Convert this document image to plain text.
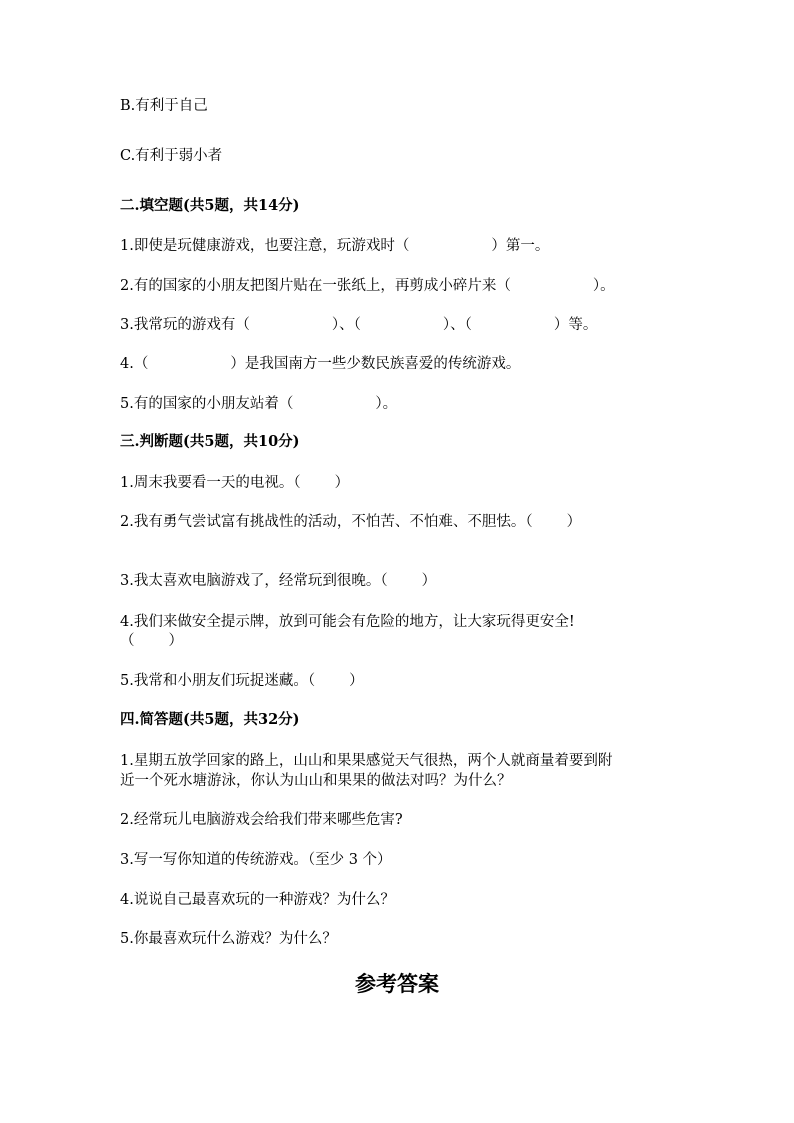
B.有利于自己
C.有利于弱小者
二.填空题(共5题，共14分)
1.即使是玩健康游戏，也要注意，玩游戏时（	）第一。
2.有的国家的小朋友把图片贴在一张纸上，再剪成小碎片来（	）。
3.我常玩的游戏有（	）、（	）、（	）等。
4.（	）是我国南方一些少数民族喜爱的传统游戏。
5.有的国家的小朋友站着（	）。
三.判断题(共5题，共10分)
1.周末我要看一天的电视。（ ）
2.我有勇气尝试富有挑战性的活动，不怕苦、不怕难、不胆怯。（ ）
3.我太喜欢电脑游戏了，经常玩到很晚。（ ）
4.我们来做安全提示牌，放到可能会有危险的地方，让大家玩得更安全!
（ ）
5.我常和小朋友们玩捉迷藏。（ ）
四.简答题(共5题，共32分)
1.星期五放学回家的路上，山山和果果感觉天气很热，两个人就商量着要到附
近一个死水塘游泳，你认为山山和果果的做法对吗？为什么？
2.经常玩儿电脑游戏会给我们带来哪些危害?
3.写一写你知道的传统游戏。（至少 3 个）
4.说说自己最喜欢玩的一种游戏？为什么？
5.你最喜欢玩什么游戏？为什么？
参考答案
